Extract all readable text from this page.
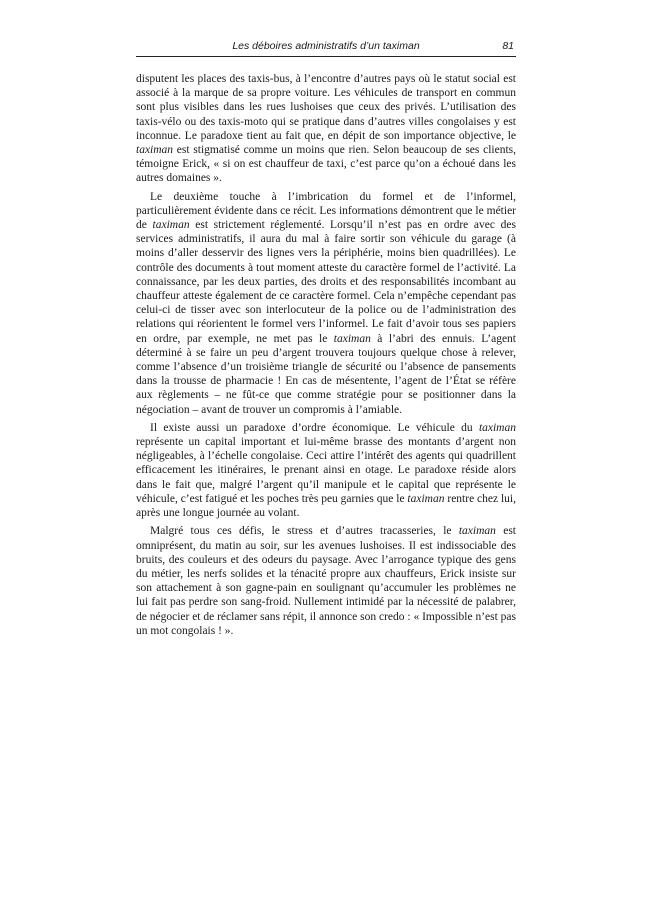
Les déboires administratifs d’un taximan	81

disputent les places des taxis-bus, à l’encontre d’autres pays où le statut social est associé à la marque de sa propre voiture. Les véhicules de transport en commun sont plus visibles dans les rues lushoises que ceux des privés. L’utilisation des taxis-vélo ou des taxis-moto qui se pratique dans d’autres villes congolaises y est inconnue. Le paradoxe tient au fait que, en dépit de son importance objective, le taximan est stigmatisé comme un moins que rien. Selon beaucoup de ses clients, témoigne Erick, « si on est chauffeur de taxi, c’est parce qu’on a échoué dans les autres domaines ».

Le deuxième touche à l’imbrication du formel et de l’informel, particulièrement évidente dans ce récit. Les informations démontrent que le métier de taximan est strictement réglementé. Lorsqu’il n’est pas en ordre avec des services administratifs, il aura du mal à faire sortir son véhicule du garage (à moins d’aller desservir des lignes vers la périphérie, moins bien quadrillées). Le contrôle des documents à tout moment atteste du caractère formel de l’activité. La connaissance, par les deux parties, des droits et des responsabilités incombant au chauffeur atteste également de ce caractère formel. Cela n’empêche cependant pas celui-ci de tisser avec son interlocuteur de la police ou de l’administration des relations qui réorientent le formel vers l’informel. Le fait d’avoir tous ses papiers en ordre, par exemple, ne met pas le taximan à l’abri des ennuis. L’agent déterminé à se faire un peu d’argent trouvera toujours quelque chose à relever, comme l’absence d’un troisième triangle de sécurité ou l’absence de pansements dans la trousse de pharmacie ! En cas de mésentente, l’agent de l’État se réfère aux règlements – ne fût-ce que comme stratégie pour se positionner dans la négociation – avant de trouver un compromis à l’amiable.

Il existe aussi un paradoxe d’ordre économique. Le véhicule du taximan représente un capital important et lui-même brasse des montants d’argent non négligeables, à l’échelle congolaise. Ceci attire l’intérêt des agents qui quadrillent efficacement les itinéraires, le prenant ainsi en otage. Le paradoxe réside alors dans le fait que, malgré l’argent qu’il manipule et le capital que représente le véhicule, c’est fatigué et les poches très peu garnies que le taximan rentre chez lui, après une longue journée au volant.

Malgré tous ces défis, le stress et d’autres tracasseries, le taximan est omniprésent, du matin au soir, sur les avenues lushoises. Il est indissociable des bruits, des couleurs et des odeurs du paysage. Avec l’arrogance typique des gens du métier, les nerfs solides et la ténacité propre aux chauffeurs, Erick insiste sur son attachement à son gagne-pain en soulignant qu’accumuler les problèmes ne lui fait pas perdre son sang-froid. Nullement intimidé par la nécessité de palabrer, de négocier et de réclamer sans répit, il annonce son credo : « Impossible n’est pas un mot congolais ! ».
